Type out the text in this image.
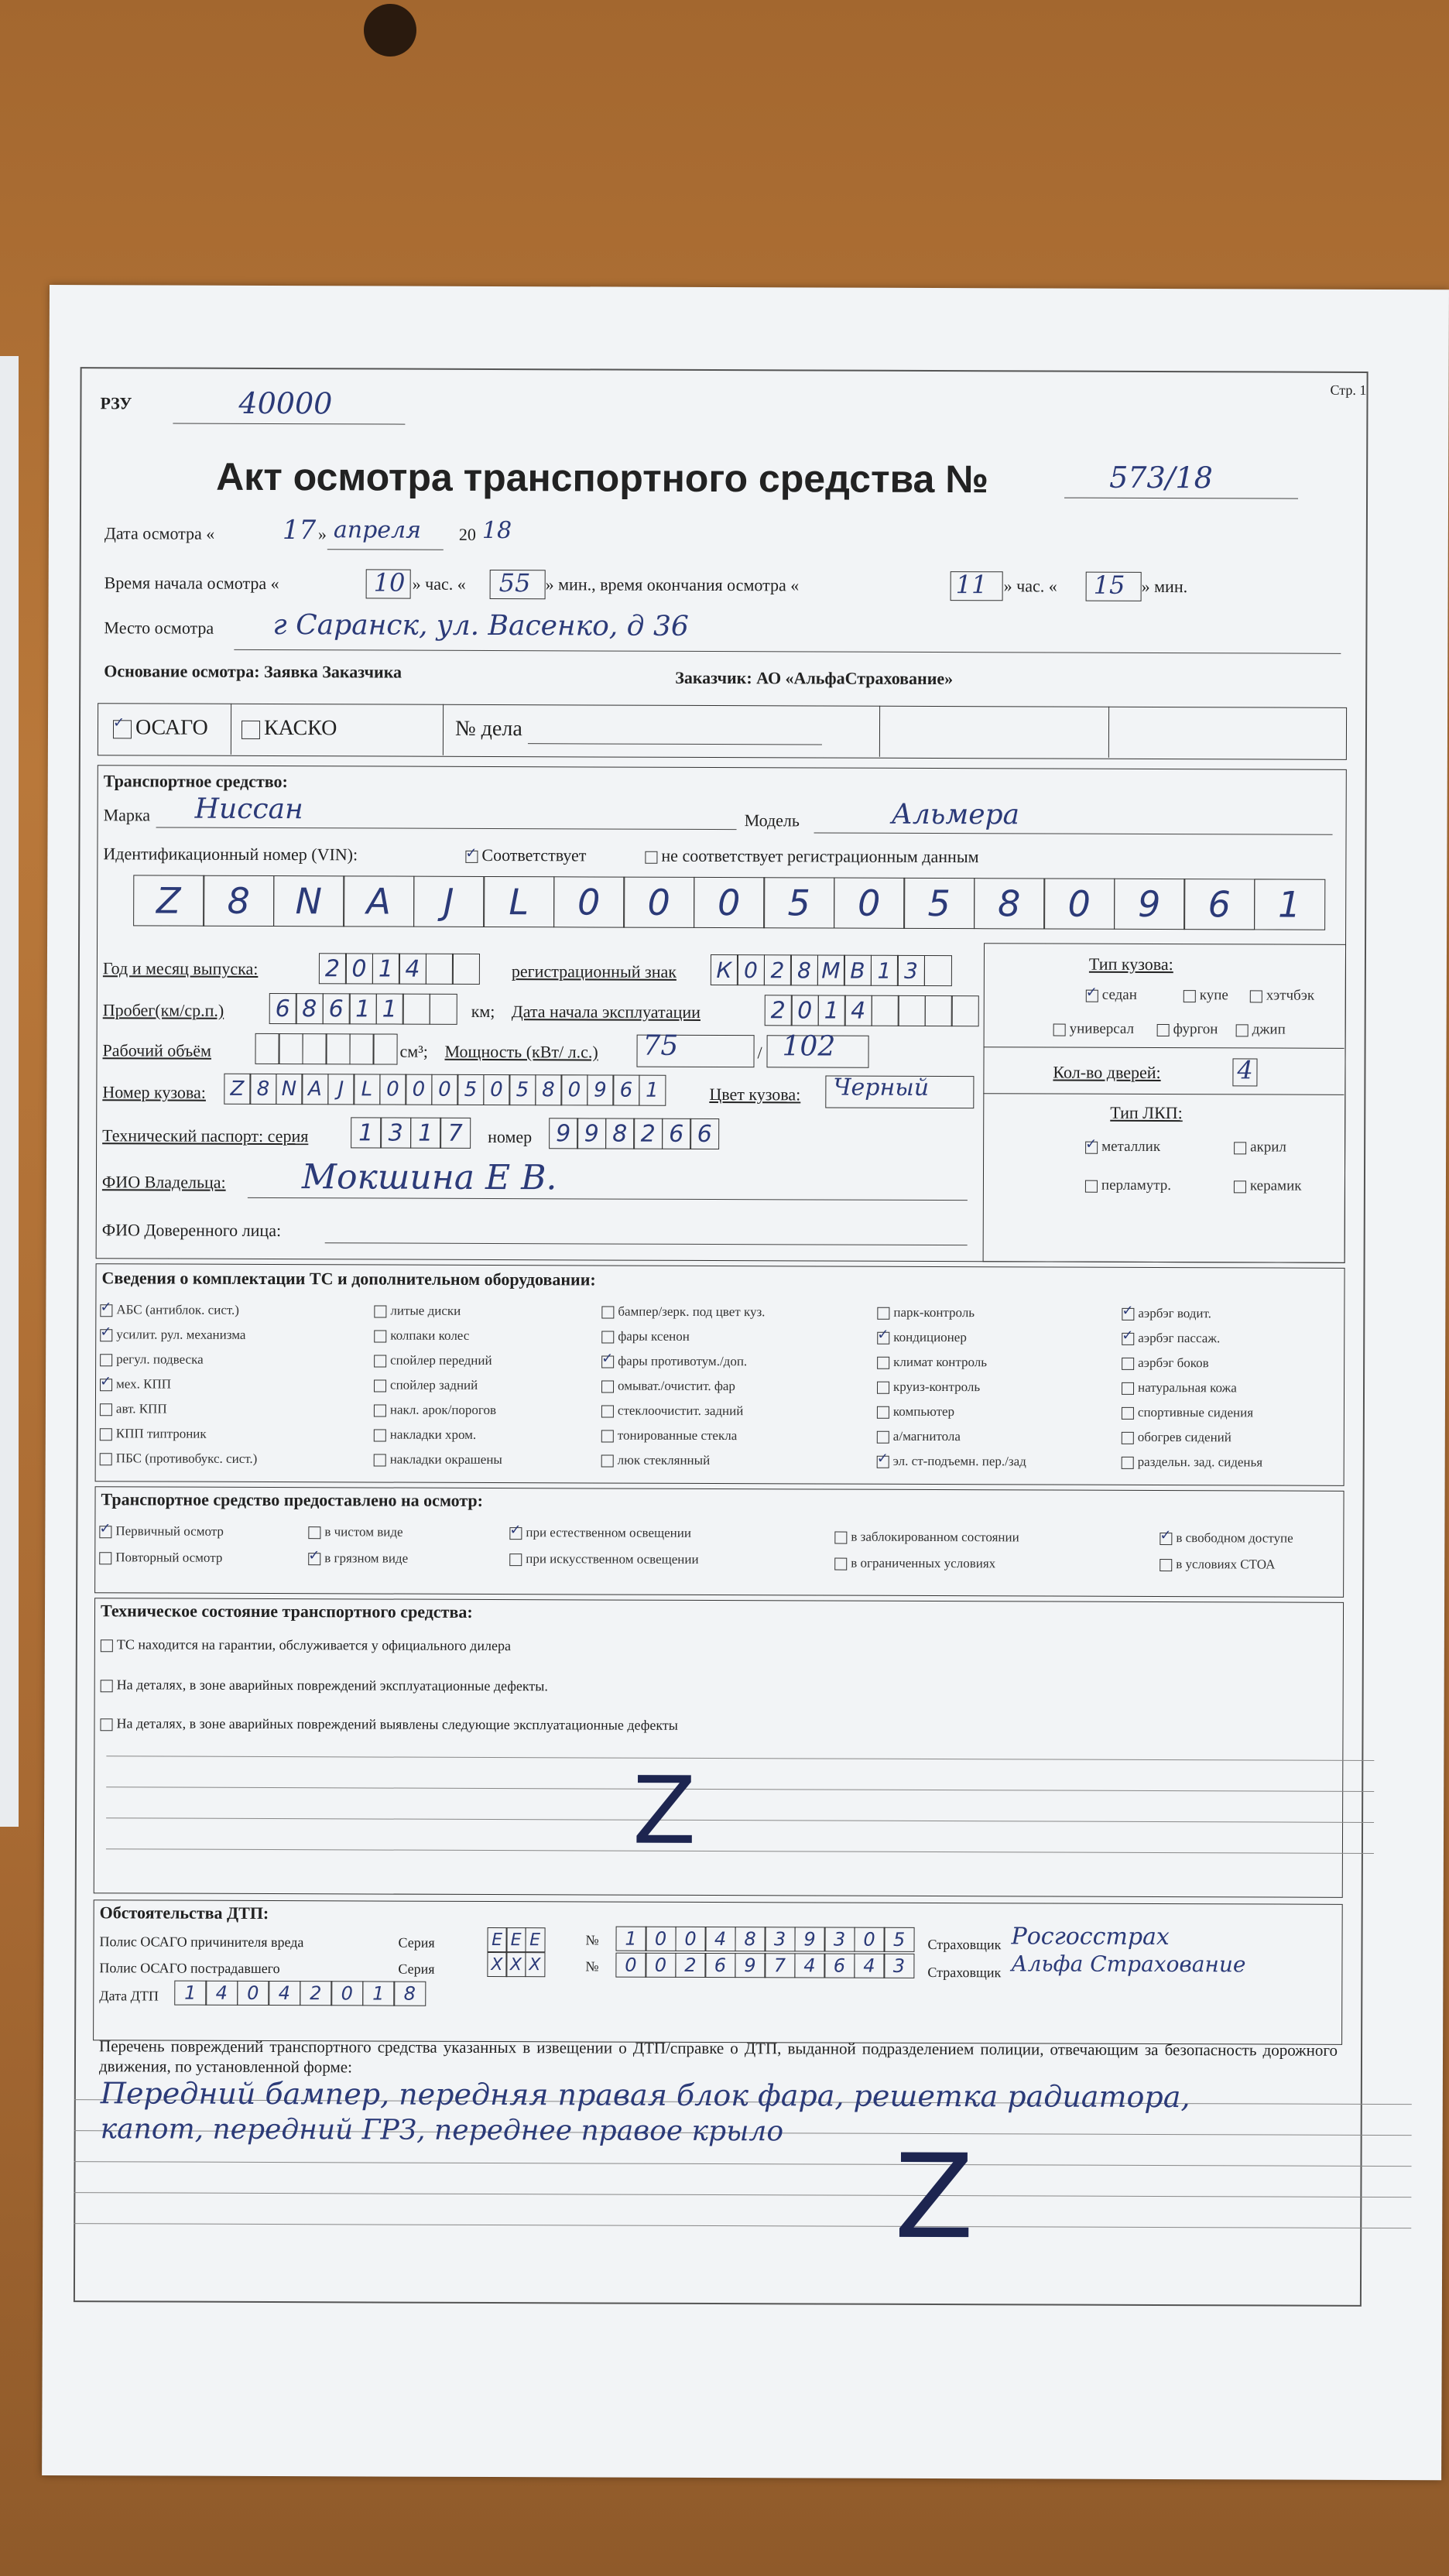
Стр. 1
РЗУ	40000
Акт осмотра транспортного средства №	573/18
Дата осмотра «	17 » апреля 20 18
Время начала осмотра «	10 » час. « 55 » мин., время окончания осмотра «	11 » час. « 15 » мин.
Место осмотра г Саранск, ул. Васенко, д 36
Основание осмотра: Заявка Заказчика	Заказчик: АО «АльфаСтрахование»
✓ОСАГО	КАСКО	№ дела
Транспортное средство:
Марка Ниссан	Модель	Альмера
Идентификационный номер (VIN):
✓	Соответствует	не соответствует регистрационным данным
Z	8	N	A	J	L	0	0	0	5	0	5	8	0	9	6	1
Год и месяц выпуска:	2 0 1 4	регистрационный знак К 0 2 8 М В 1 3
Пробег(км/ср.п.) 6 8 6 1 1	км; Дата начала эксплуатации	2 0 1 4
Рабочий объём	см³; Мощность (кВт/ л.с.) 75	/ 102
Номер кузова:	Z 8 N A J L 0 0 0 5 0 5 8 0 9 6 1	Цвет кузова: Черный
Технический паспорт: серия	1 3 1 7	номер	9 9 8 2 6 6
ФИО Владельца: Мокшина Е В.
ФИО Доверенного лица:
Тип кузова:
✓седан	купе	хэтчбэк
универсал	фургон	джип
Кол-во дверей:	4
Тип ЛКП:
✓металлик	акрил
перламутр.	керамик
Сведения о комплектации ТС и дополнительном оборудовании:
✓АБС (антиблок. сист.)
✓усилит. рул. механизма
регул. подвеска
✓мех. КПП
авт. КПП
КПП типтроник
ПБС (противобукс. сист.)
литые диски
колпаки колес
спойлер передний
спойлер задний
накл. арок/порогов
накладки хром.
накладки окрашены
бампер/зерк. под цвет куз.
фары ксенон
✓фары противотум./доп.
омыват./очистит. фар
стеклоочистит. задний
тонированные стекла
люк стеклянный
парк-контроль
✓кондиционер
климат контроль
круиз-контроль
компьютер
а/магнитола
✓эл. ст-подъемн. пер./зад
✓аэрбэг водит.
✓аэрбэг пассаж.
аэрбэг боков
натуральная кожа
спортивные сидения
обогрев сидений
раздельн. зад. сиденья
Транспортное средство предоставлено на осмотр:
✓Первичный осмотр
Повторный осмотр
в чистом виде
✓в грязном виде
✓при естественном освещении
при искусственном освещении
в заблокированном состоянии
в ограниченных условиях
✓в свободном доступе
в условиях СТОА
Техническое состояние транспортного средства:
ТС находится на гарантии, обслуживается у официального дилера
На деталях, в зоне аварийных повреждений эксплуатационные дефекты.
На деталях, в зоне аварийных повреждений выявлены следующие эксплуатационные дефекты
Z
Обстоятельства ДТП:
Полис ОСАГО причинителя вреда	Серия	Е Е Е	№	1 0 0 4 8 3 9 3 0 5	Страховщик Росгосстрах
Полис ОСАГО пострадавшего	Серия	Х Х Х	№	0 0 2 6 9 7 4 6 4 3	Страховщик Альфа Страхование
Дата ДТП	1	4	0	4	2	0	1	8
Перечень повреждений транспортного средства указанных в извещении о ДТП/справке о ДТП, выданной подразделением полиции, отвечающим за безопасность дорожного движения, по установленной форме:
Передний бампер, передняя правая блок фара, решетка радиатора,
капот, передний ГРЗ, переднее правое крыло Z
